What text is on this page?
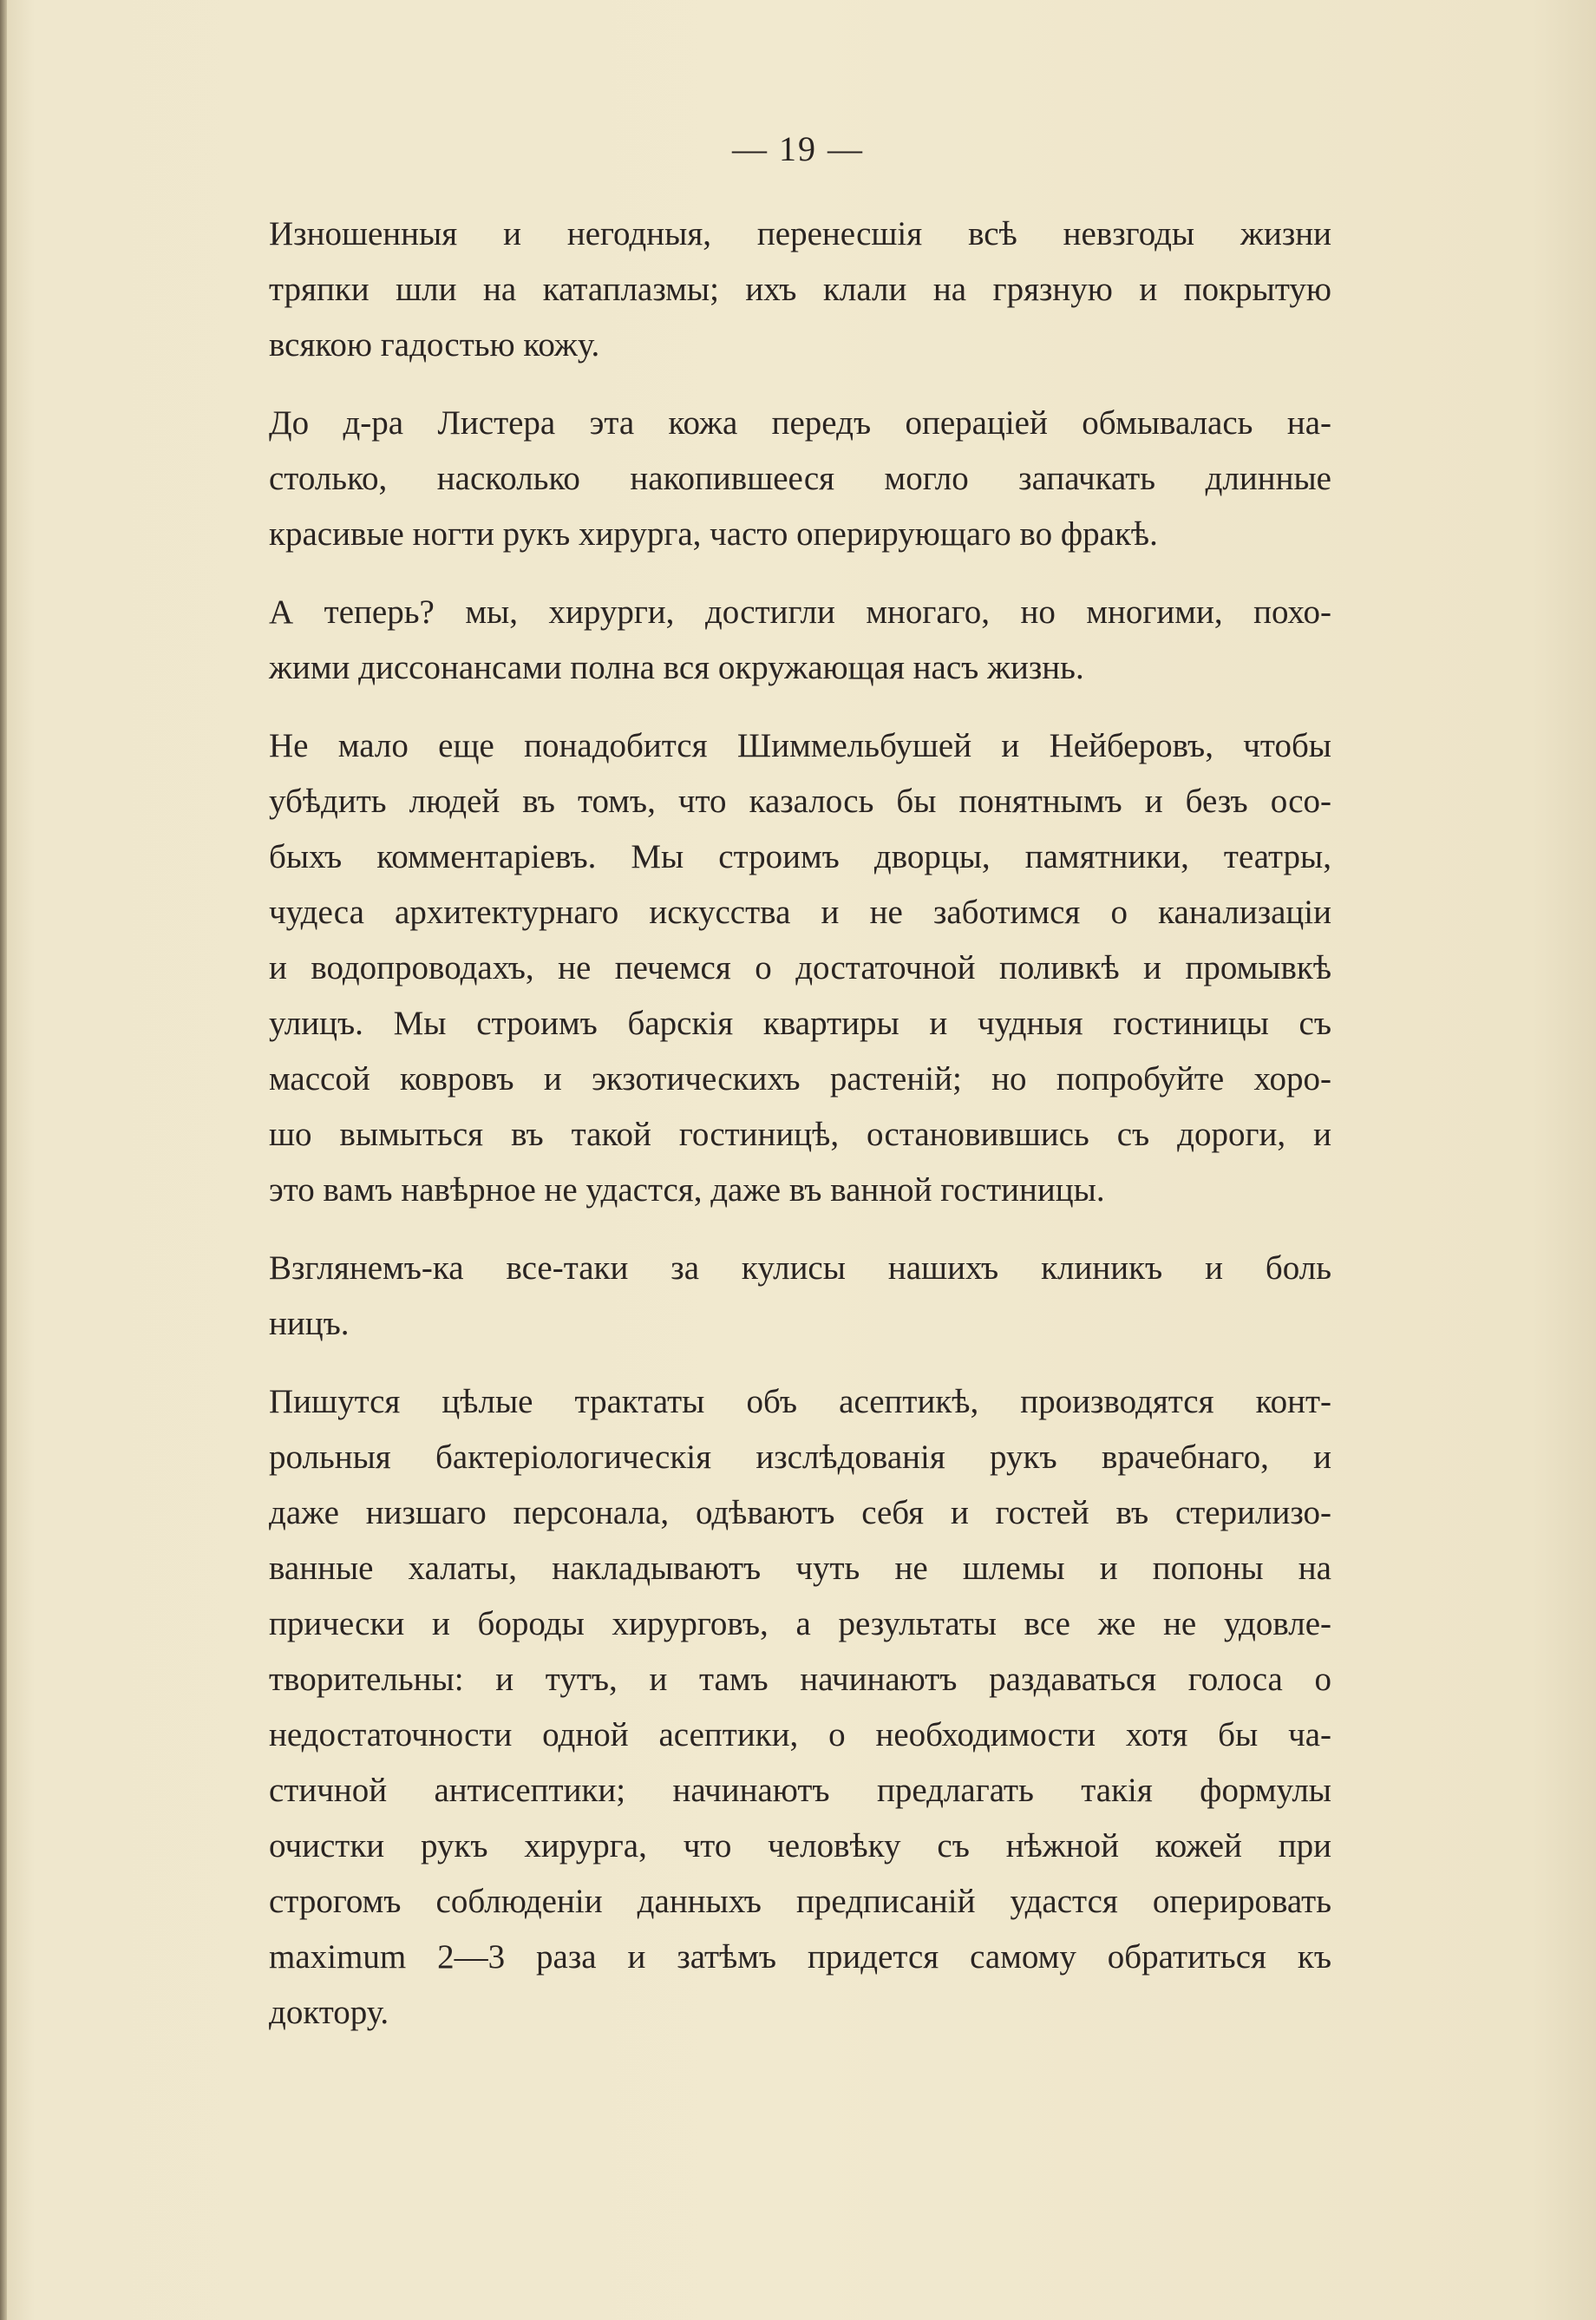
— 19 —
Изношенныя и негодныя, перенесшія всѣ невзгоды жизни
тряпки шли на катаплазмы; ихъ клали на грязную и покрытую
всякою гадостью кожу.
До д-ра Листера эта кожа передъ операціей обмывалась на-
столько, насколько накопившееся могло запачкать длинные
красивые ногти рукъ хирурга, часто оперирующаго во фракѣ.
А теперь? мы, хирурги, достигли многаго, но многими, похо-
жими диссонансами полна вся окружающая насъ жизнь.
Не мало еще понадобится Шиммельбушей и Нейберовъ, чтобы
убѣдить людей въ томъ, что казалось бы понятнымъ и безъ осо-
быхъ комментаріевъ. Мы строимъ дворцы, памятники, театры,
чудеса архитектурнаго искусства и не заботимся о канализаціи
и водопроводахъ, не печемся о достаточной поливкѣ и промывкѣ
улицъ. Мы строимъ барскія квартиры и чудныя гостиницы съ
массой ковровъ и экзотическихъ растеній; но попробуйте хоро-
шо вымыться въ такой гостиницѣ, остановившись съ дороги, и
это вамъ навѣрное не удастся, даже въ ванной гостиницы.
Взглянемъ-ка все-таки за кулисы нашихъ клиникъ и боль
ницъ.
Пишутся цѣлые трактаты объ асептикѣ, производятся конт-
рольныя бактеріологическія изслѣдованія рукъ врачебнаго, и
даже низшаго персонала, одѣваютъ себя и гостей въ стерилизо-
ванные халаты, накладываютъ чуть не шлемы и попоны на
прически и бороды хирурговъ, а результаты все же не удовле-
творительны: и тутъ, и тамъ начинаютъ раздаваться голоса о
недостаточности одной асептики, о необходимости хотя бы ча-
стичной антисептики; начинаютъ предлагать такія формулы
очистки рукъ хирурга, что человѣку съ нѣжной кожей при
строгомъ соблюденіи данныхъ предписаній удастся оперировать
maximum 2—3 раза и затѣмъ придется самому обратиться къ
доктору.
